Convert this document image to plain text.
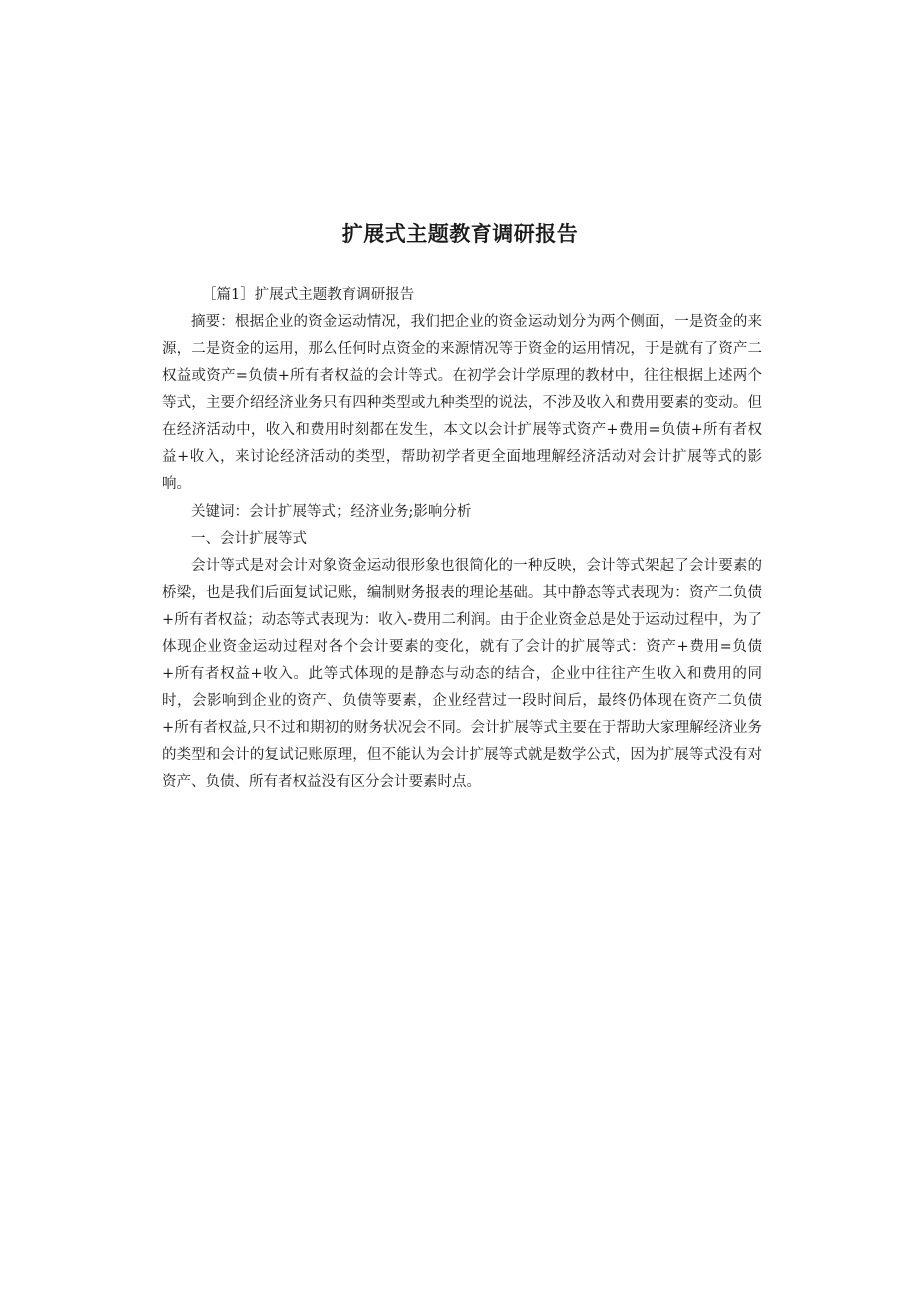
扩展式主题教育调研报告

［篇1］扩展式主题教育调研报告

摘要：根据企业的资金运动情况，我们把企业的资金运动划分为两个侧面，一是资金的来源，二是资金的运用，那么任何时点资金的来源情况等于资金的运用情况，于是就有了资产二权益或资产=负债+所有者权益的会计等式。在初学会计学原理的教材中，往往根据上述两个等式，主要介绍经济业务只有四种类型或九种类型的说法，不涉及收入和费用要素的变动。但在经济活动中，收入和费用时刻都在发生，本文以会计扩展等式资产+费用=负债+所有者权益+收入，来讨论经济活动的类型，帮助初学者更全面地理解经济活动对会计扩展等式的影响。

关键词：会计扩展等式；经济业务;影响分析

一、会计扩展等式

会计等式是对会计对象资金运动很形象也很简化的一种反映，会计等式架起了会计要素的桥梁，也是我们后面复试记账，编制财务报表的理论基础。其中静态等式表现为：资产二负债+所有者权益；动态等式表现为：收入-费用二利润。由于企业资金总是处于运动过程中，为了体现企业资金运动过程对各个会计要素的变化，就有了会计的扩展等式：资产+费用=负债+所有者权益+收入。此等式体现的是静态与动态的结合，企业中往往产生收入和费用的同时，会影响到企业的资产、负债等要素，企业经营过一段时间后，最终仍体现在资产二负债+所有者权益,只不过和期初的财务状况会不同。会计扩展等式主要在于帮助大家理解经济业务的类型和会计的复试记账原理，但不能认为会计扩展等式就是数学公式，因为扩展等式没有对资产、负债、所有者权益没有区分会计要素时点。
